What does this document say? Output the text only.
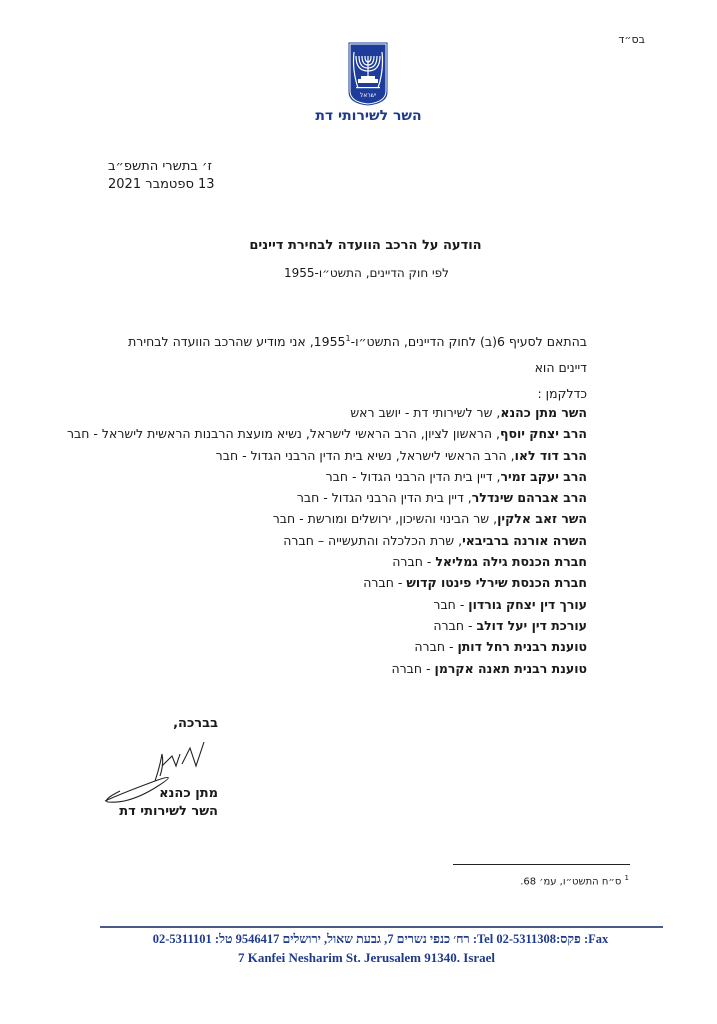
בס״ד
ישראל
השר לשירותי דת
ז׳ בתשרי התשפ״ב
13 ספטמבר 2021
הודעה על הרכב הוועדה לבחירת דיינים
לפי חוק הדיינים, התשט״ו-1955
בהתאם לסעיף 6(ב) לחוק הדיינים, התשט״ו-1955$^1$, אני מודיע שהרכב הוועדה לבחירת דיינים הוא
כדלקמן :
השר מתן כהנא, שר לשירותי דת - יושב ראש
הרב יצחק יוסף, הראשון לציון, הרב הראשי לישראל, נשיא מועצת הרבנות הראשית לישראל - חבר
הרב דוד לאו, הרב הראשי לישראל, נשיא בית הדין הרבני הגדול - חבר
הרב יעקב זמיר, דיין בית הדין הרבני הגדול - חבר
הרב אברהם שינדלר, דיין בית הדין הרבני הגדול - חבר
השר זאב אלקין, שר הבינוי והשיכון, ירושלים ומורשת - חבר
השרה אורנה ברביבאי, שרת הכלכלה והתעשייה – חברה
חברת הכנסת גילה גמליאל - חברה
חברת הכנסת שירלי פינטו קדוש - חברה
עורך דין יצחק גורדון - חבר
עורכת דין יעל דולב - חברה
טוענת רבנית רחל דותן - חברה
טוענת רבנית תאנה אקרמן - חברה
בברכה,
מתן כהנא
השר לשירותי דת
$^1$ ס״ח התשט״ו, עמ׳ 68.
רח׳ כנפי נשרים 7, גבעת שאול, ירושלים 9546417 טל: 02-5311101 :Tel פקס:02-5311308 :Fax
7 Kanfei Nesharim St. Jerusalem 91340. Israel
